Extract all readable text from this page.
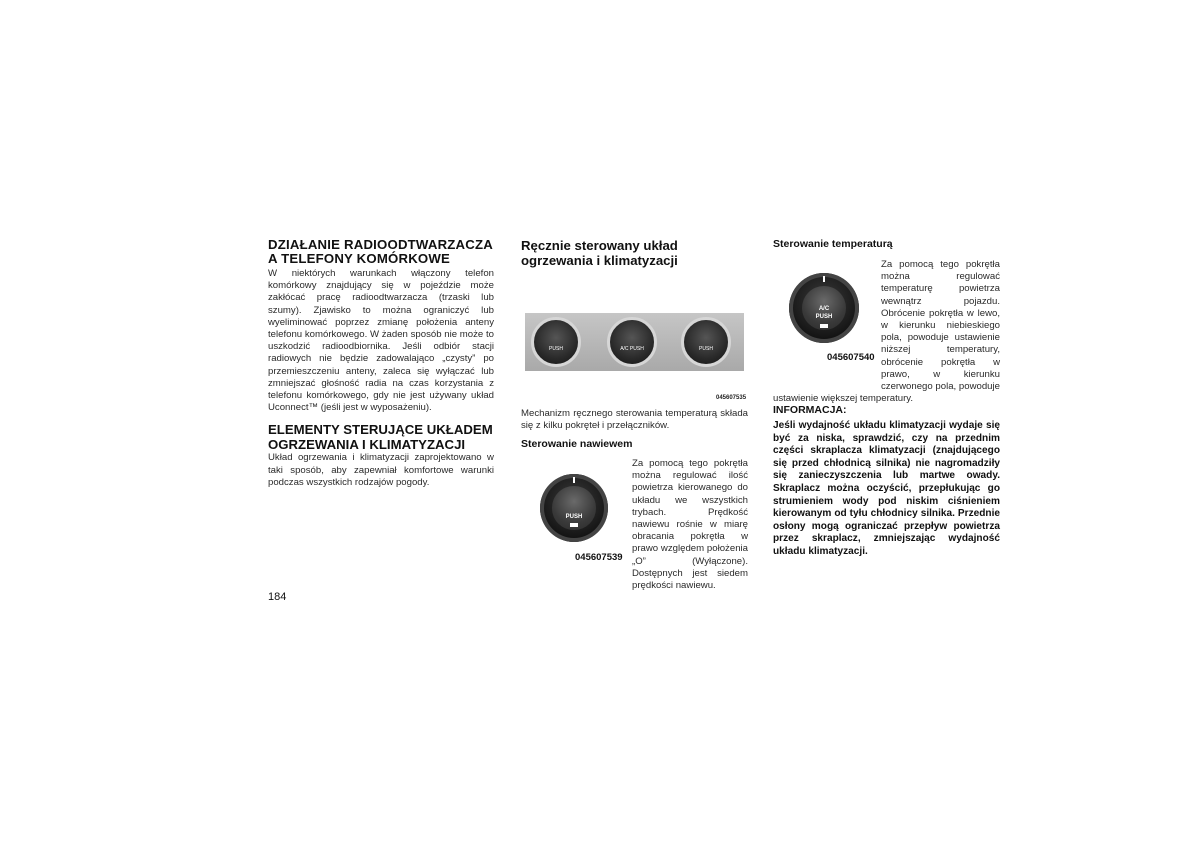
DZIAŁANIE RADIOODTWARZACZA A TELEFONY KOMÓRKOWE

W niektórych warunkach włączony telefon komórkowy znajdujący się w pojeździe może zakłócać pracę radioodtwarzacza (trzaski lub szumy). Zjawisko to można ograniczyć lub wyeliminować poprzez zmianę położenia anteny telefonu komórkowego. W żaden sposób nie może to uszkodzić radioodbiornika. Jeśli odbiór stacji radiowych nie będzie zadowalająco „czysty” po przemieszczeniu anteny, zaleca się wyłączać lub zmniejszać głośność radia na czas korzystania z telefonu komórkowego, gdy nie jest używany układ Uconnect™ (jeśli jest w wyposażeniu).

ELEMENTY STERUJĄCE UKŁADEM OGRZEWANIA I KLIMATYZACJI

Układ ogrzewania i klimatyzacji zaprojektowano w taki sposób, aby zapewniał komfortowe warunki podczas wszystkich rodzajów pogody.

Ręcznie sterowany układ ogrzewania i klimatyzacji
PUSH	A/C PUSH	PUSH
045607535

Mechanizm ręcznego sterowania temperaturą składa się z kilku pokręteł i przełączników.

Sterowanie nawiewem
PUSH
045607539

Za pomocą tego pokrętła można regulować ilość powietrza kierowanego do układu we wszystkich trybach. Prędkość nawiewu rośnie w miarę obracania pokrętła w prawo względem położenia „O” (Wyłączone). Dostępnych jest siedem prędkości nawiewu.

Sterowanie temperaturą
A/C
PUSH
045607540

Za pomocą tego pokrętła można regulować temperaturę powietrza wewnątrz pojazdu. Obrócenie pokrętła w lewo, w kierunku niebieskiego pola, powoduje ustawienie niższej temperatury, obrócenie pokrętła w prawo, w kierunku czerwonego pola, powoduje ustawienie większej temperatury.

INFORMACJA:

Jeśli wydajność układu klimatyzacji wydaje się być za niska, sprawdzić, czy na przednim części skraplacza klimatyzacji (znajdującego się przed chłodnicą silnika) nie nagromadziły się zanieczyszczenia lub martwe owady. Skraplacz można oczyścić, przepłukując go strumieniem wody pod niskim ciśnieniem kierowanym od tyłu chłodnicy silnika. Przednie osłony mogą ograniczać przepływ powietrza przez skraplacz, zmniejszając wydajność układu klimatyzacji.

184
